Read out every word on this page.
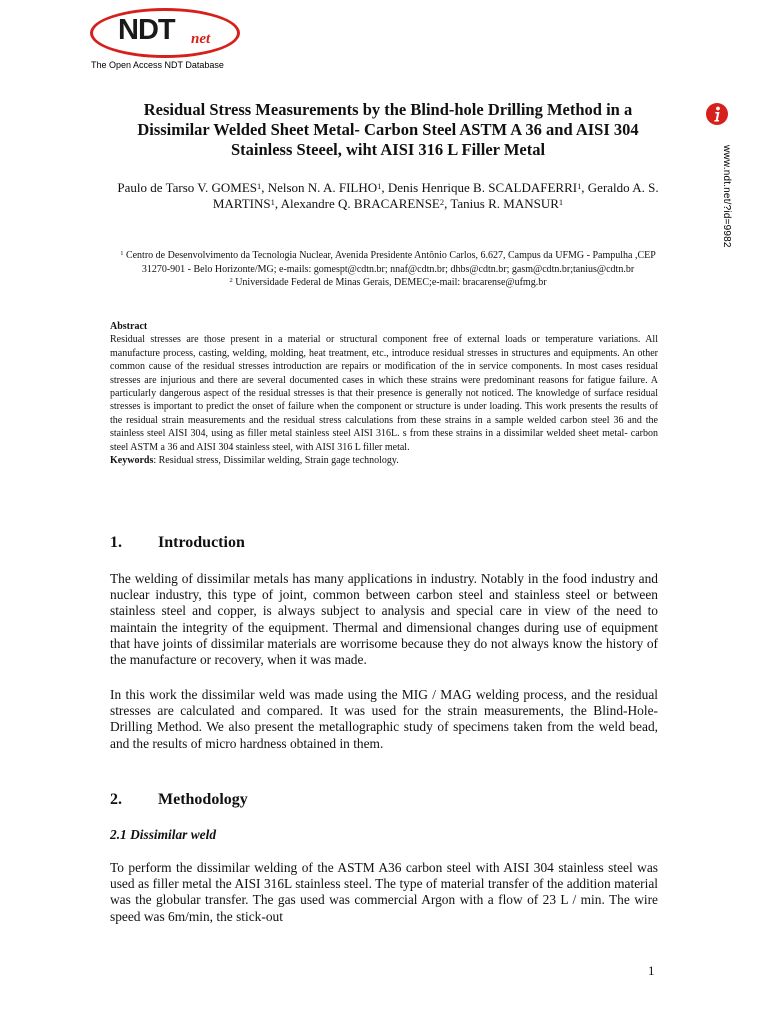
NDT net
The Open Access NDT Database
www.ndt.net/?id=9982
Residual Stress Measurements by the Blind-hole Drilling Method in a Dissimilar Welded Sheet Metal- Carbon Steel ASTM A 36 and AISI 304 Stainless Steeel, wiht AISI 316 L Filler Metal

Paulo de Tarso V. GOMES$^1$, Nelson N. A. FILHO$^1$, Denis Henrique B. SCALDAFERRI$^1$, Geraldo A. S. MARTINS$^1$, Alexandre Q. BRACARENSE$^2$, Tanius R. MANSUR$^1$

$^1$ Centro de Desenvolvimento da Tecnologia Nuclear, Avenida Presidente Antônio Carlos, 6.627, Campus da UFMG - Pampulha ,CEP 31270-901 - Belo Horizonte/MG; e-mails: gomespt@cdtn.br; nnaf@cdtn.br; dhbs@cdtn.br; gasm@cdtn.br;tanius@cdtn.br
$^2$ Universidade Federal de Minas Gerais, DEMEC;e-mail: bracarense@ufmg.br

Abstract

Residual stresses are those present in a material or structural component free of external loads or temperature variations. All manufacture process, casting, welding, molding, heat treatment, etc., introduce residual stresses in structures and equipments. An other common cause of the residual stresses introduction are repairs or modification of the in service components. In most cases residual stresses are injurious and there are several documented cases in which these strains were predominant reasons for fatigue failure. A particularly dangerous aspect of the residual stresses is that their presence is generally not noticed. The knowledge of surface residual stresses is important to predict the onset of failure when the component or structure is under loading. This work presents the results of the residual strain measurements and the residual stress calculations from these strains in a sample welded carbon steel 36 and the stainless steel AISI 304, using as filler metal stainless steel AISI 316L. s from these strains in a dissimilar welded sheet metal- carbon steel ASTM a 36 and AISI 304 stainless steel, with AISI 316 L filler metal.

Keywords: Residual stress, Dissimilar welding, Strain gage technology.

1. Introduction

The welding of dissimilar metals has many applications in industry. Notably in the food industry and nuclear industry, this type of joint, common between carbon steel and stainless steel or between stainless steel and copper, is always subject to analysis and special care in view of the need to maintain the integrity of the equipment. Thermal and dimensional changes during use of equipment that have joints of dissimilar materials are worrisome because they do not always know the history of the manufacture or recovery, when it was made.

In this work the dissimilar weld was made using the MIG / MAG welding process, and the residual stresses are calculated and compared. It was used for the strain measurements, the Blind-Hole-Drilling Method. We also present the metallographic study of specimens taken from the weld bead, and the results of micro hardness obtained in them.

2. Methodology

2.1 Dissimilar weld

To perform the dissimilar welding of the ASTM A36 carbon steel with AISI 304 stainless steel was used as filler metal the AISI 316L stainless steel. The type of material transfer of the addition material was the globular transfer. The gas used was commercial Argon with a flow of 23 L / min. The wire speed was 6m/min, the stick-out

1
